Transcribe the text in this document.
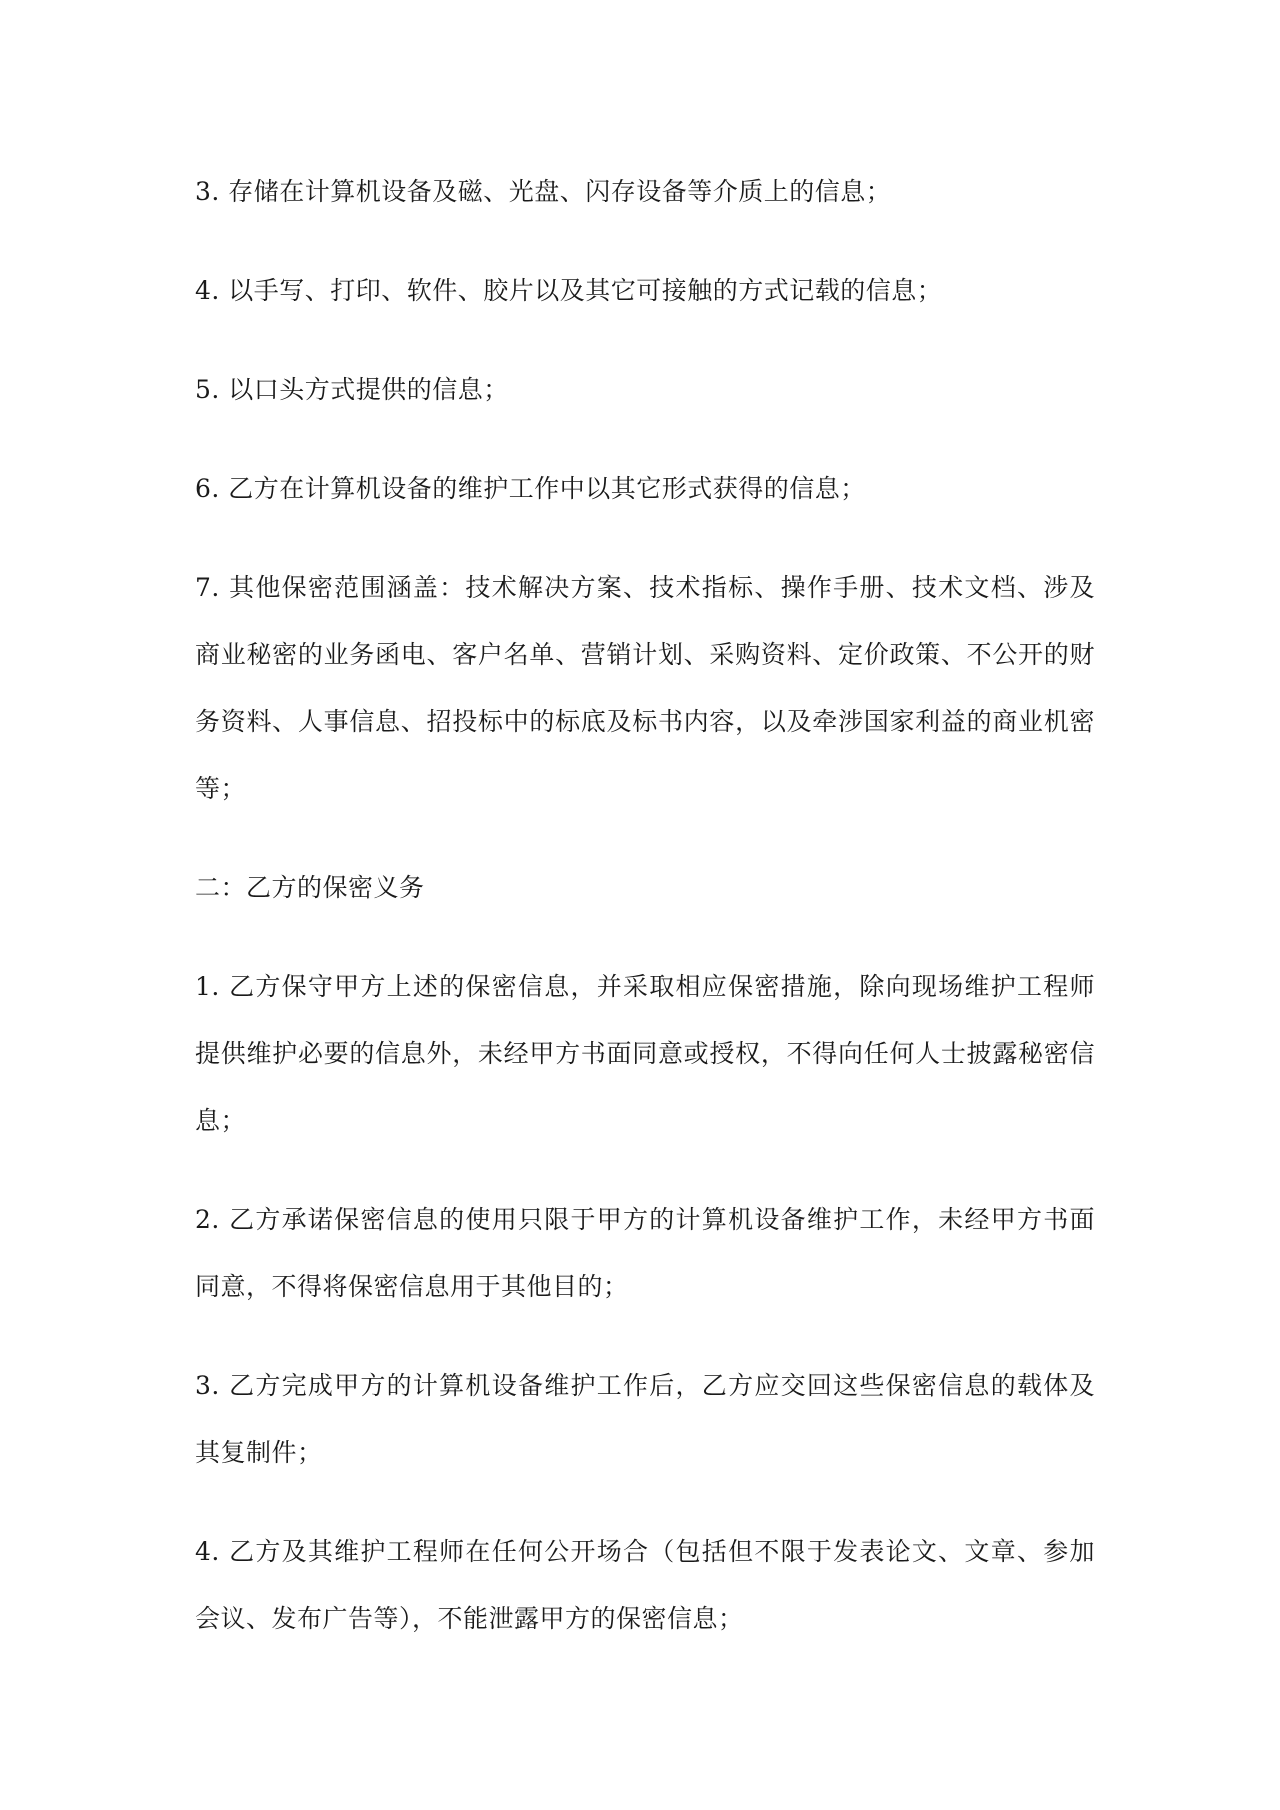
3. 存储在计算机设备及磁、光盘、闪存设备等介质上的信息；

4. 以手写、打印、软件、胶片以及其它可接触的方式记载的信息；

5. 以口头方式提供的信息；

6. 乙方在计算机设备的维护工作中以其它形式获得的信息；

7. 其他保密范围涵盖：技术解决方案、技术指标、操作手册、技术文档、涉及商业秘密的业务函电、客户名单、营销计划、采购资料、定价政策、不公开的财务资料、人事信息、招投标中的标底及标书内容，以及牵涉国家利益的商业机密等；

二：乙方的保密义务

1. 乙方保守甲方上述的保密信息，并采取相应保密措施，除向现场维护工程师提供维护必要的信息外，未经甲方书面同意或授权，不得向任何人士披露秘密信息；

2. 乙方承诺保密信息的使用只限于甲方的计算机设备维护工作，未经甲方书面同意，不得将保密信息用于其他目的；

3. 乙方完成甲方的计算机设备维护工作后，乙方应交回这些保密信息的载体及其复制件；

4. 乙方及其维护工程师在任何公开场合（包括但不限于发表论文、文章、参加会议、发布广告等），不能泄露甲方的保密信息；
